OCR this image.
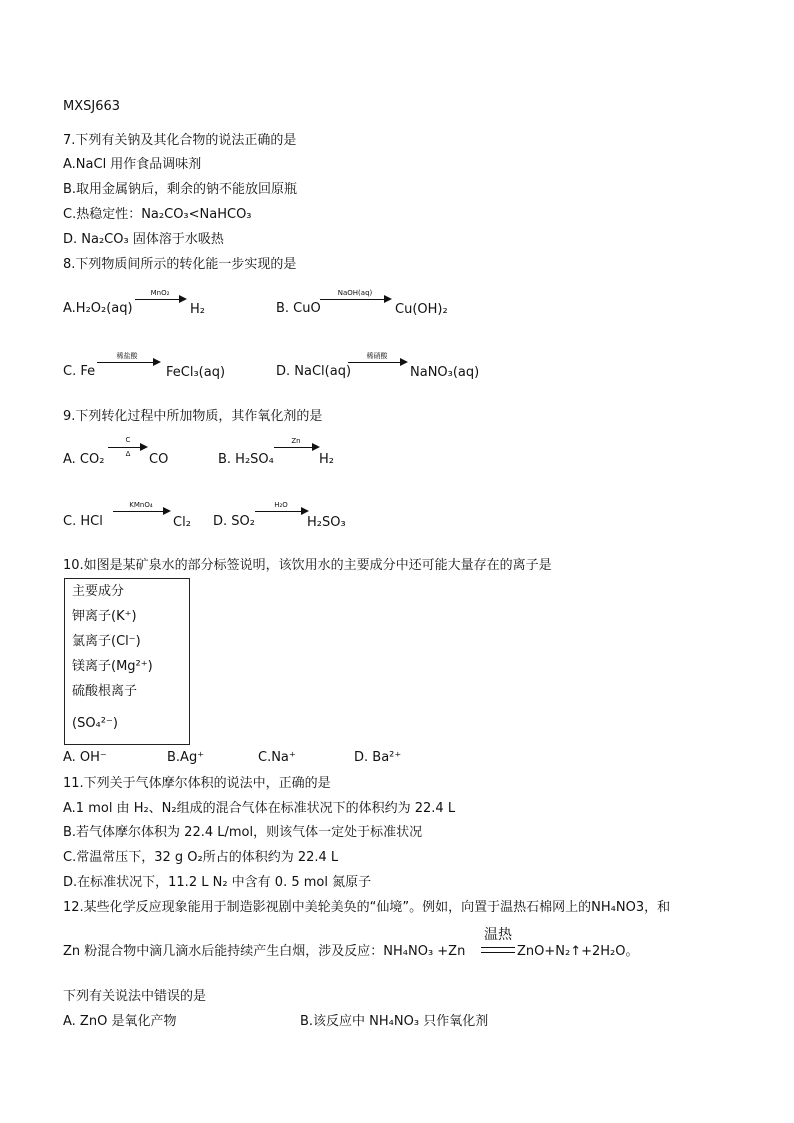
MXSJ663
7.下列有关钠及其化合物的说法正确的是
A.NaCl 用作食品调味剂
B.取用金属钠后，剩余的钠不能放回原瓶
C.热稳定性：Na₂CO₃<NaHCO₃
D. Na₂CO₃ 固体溶于水吸热
8.下列物质间所示的转化能一步实现的是
A.H₂O₂(aq)
MnO₂
H₂	B. CuO
NaOH(aq)
Cu(OH)₂
C. Fe
稀盐酸
FeCl₃(aq)	D. NaCl(aq)
稀硝酸
NaNO₃(aq)
9.下列转化过程中所加物质，其作氧化剂的是
A. CO₂
C
Δ	CO	B. H₂SO₄
Zn
H₂
C. HCl
KMnO₄
Cl₂ D. SO₂
H₂O
H₂SO₃
10.如图是某矿泉水的部分标签说明，该饮用水的主要成分中还可能大量存在的离子是
主要成分
钾离子(K⁺)
氯离子(Cl⁻)
镁离子(Mg²⁺)
硫酸根离子
(SO₄²⁻)
A. OH⁻	B.Ag⁺	C.Na⁺	D. Ba²⁺
11.下列关于气体摩尔体积的说法中，正确的是
A.1 mol 由 H₂、N₂组成的混合气体在标准状况下的体积约为 22.4 L
B.若气体摩尔体积为 22.4 L/mol，则该气体一定处于标准状况
C.常温常压下，32 g O₂所占的体积约为 22.4 L
D.在标准状况下，11.2 L N₂ 中含有 0. 5 mol 氮原子
12.某些化学反应现象能用于制造影视剧中美轮美奂的“仙境”。例如，向置于温热石棉网上的NH₄NO3，和
Zn 粉混合物中滴几滴水后能持续产生白烟，涉及反应：NH₄NO₃ +Zn
温热
ZnO+N₂↑+2H₂O。
下列有关说法中错误的是
A. ZnO 是氧化产物	B.该反应中 NH₄NO₃ 只作氧化剂
